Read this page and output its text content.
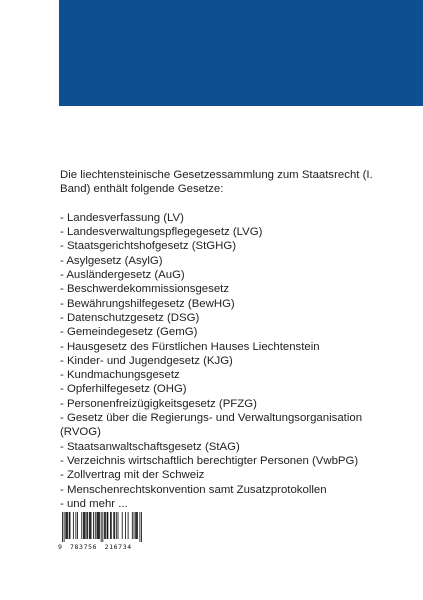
Die liechtensteinische Gesetzessammlung zum Staatsrecht (I. Band) enthält folgende Gesetze:

- Landesverfassung (LV)
- Landesverwaltungspflegegesetz (LVG)
- Staatsgerichtshofgesetz (StGHG)
- Asylgesetz (AsylG)
- Ausländergesetz (AuG)
- Beschwerdekommissionsgesetz
- Bewährungshilfegesetz (BewHG)
- Datenschutzgesetz (DSG)
- Gemeindegesetz (GemG)
- Hausgesetz des Fürstlichen Hauses Liechtenstein
- Kinder- und Jugendgesetz (KJG)
- Kundmachungsgesetz
- Opferhilfegesetz (OHG)
- Personenfreizügigkeitsgesetz (PFZG)
- Gesetz über die Regierungs- und Verwaltungsorganisation (RVOG)
- Staatsanwaltschaftsgesetz (StAG)
- Verzeichnis wirtschaftlich berechtigter Personen (VwbPG)
- Zollvertrag mit der Schweiz
- Menschenrechtskonvention samt Zusatzprotokollen
- und mehr ...
9 783756 216734
